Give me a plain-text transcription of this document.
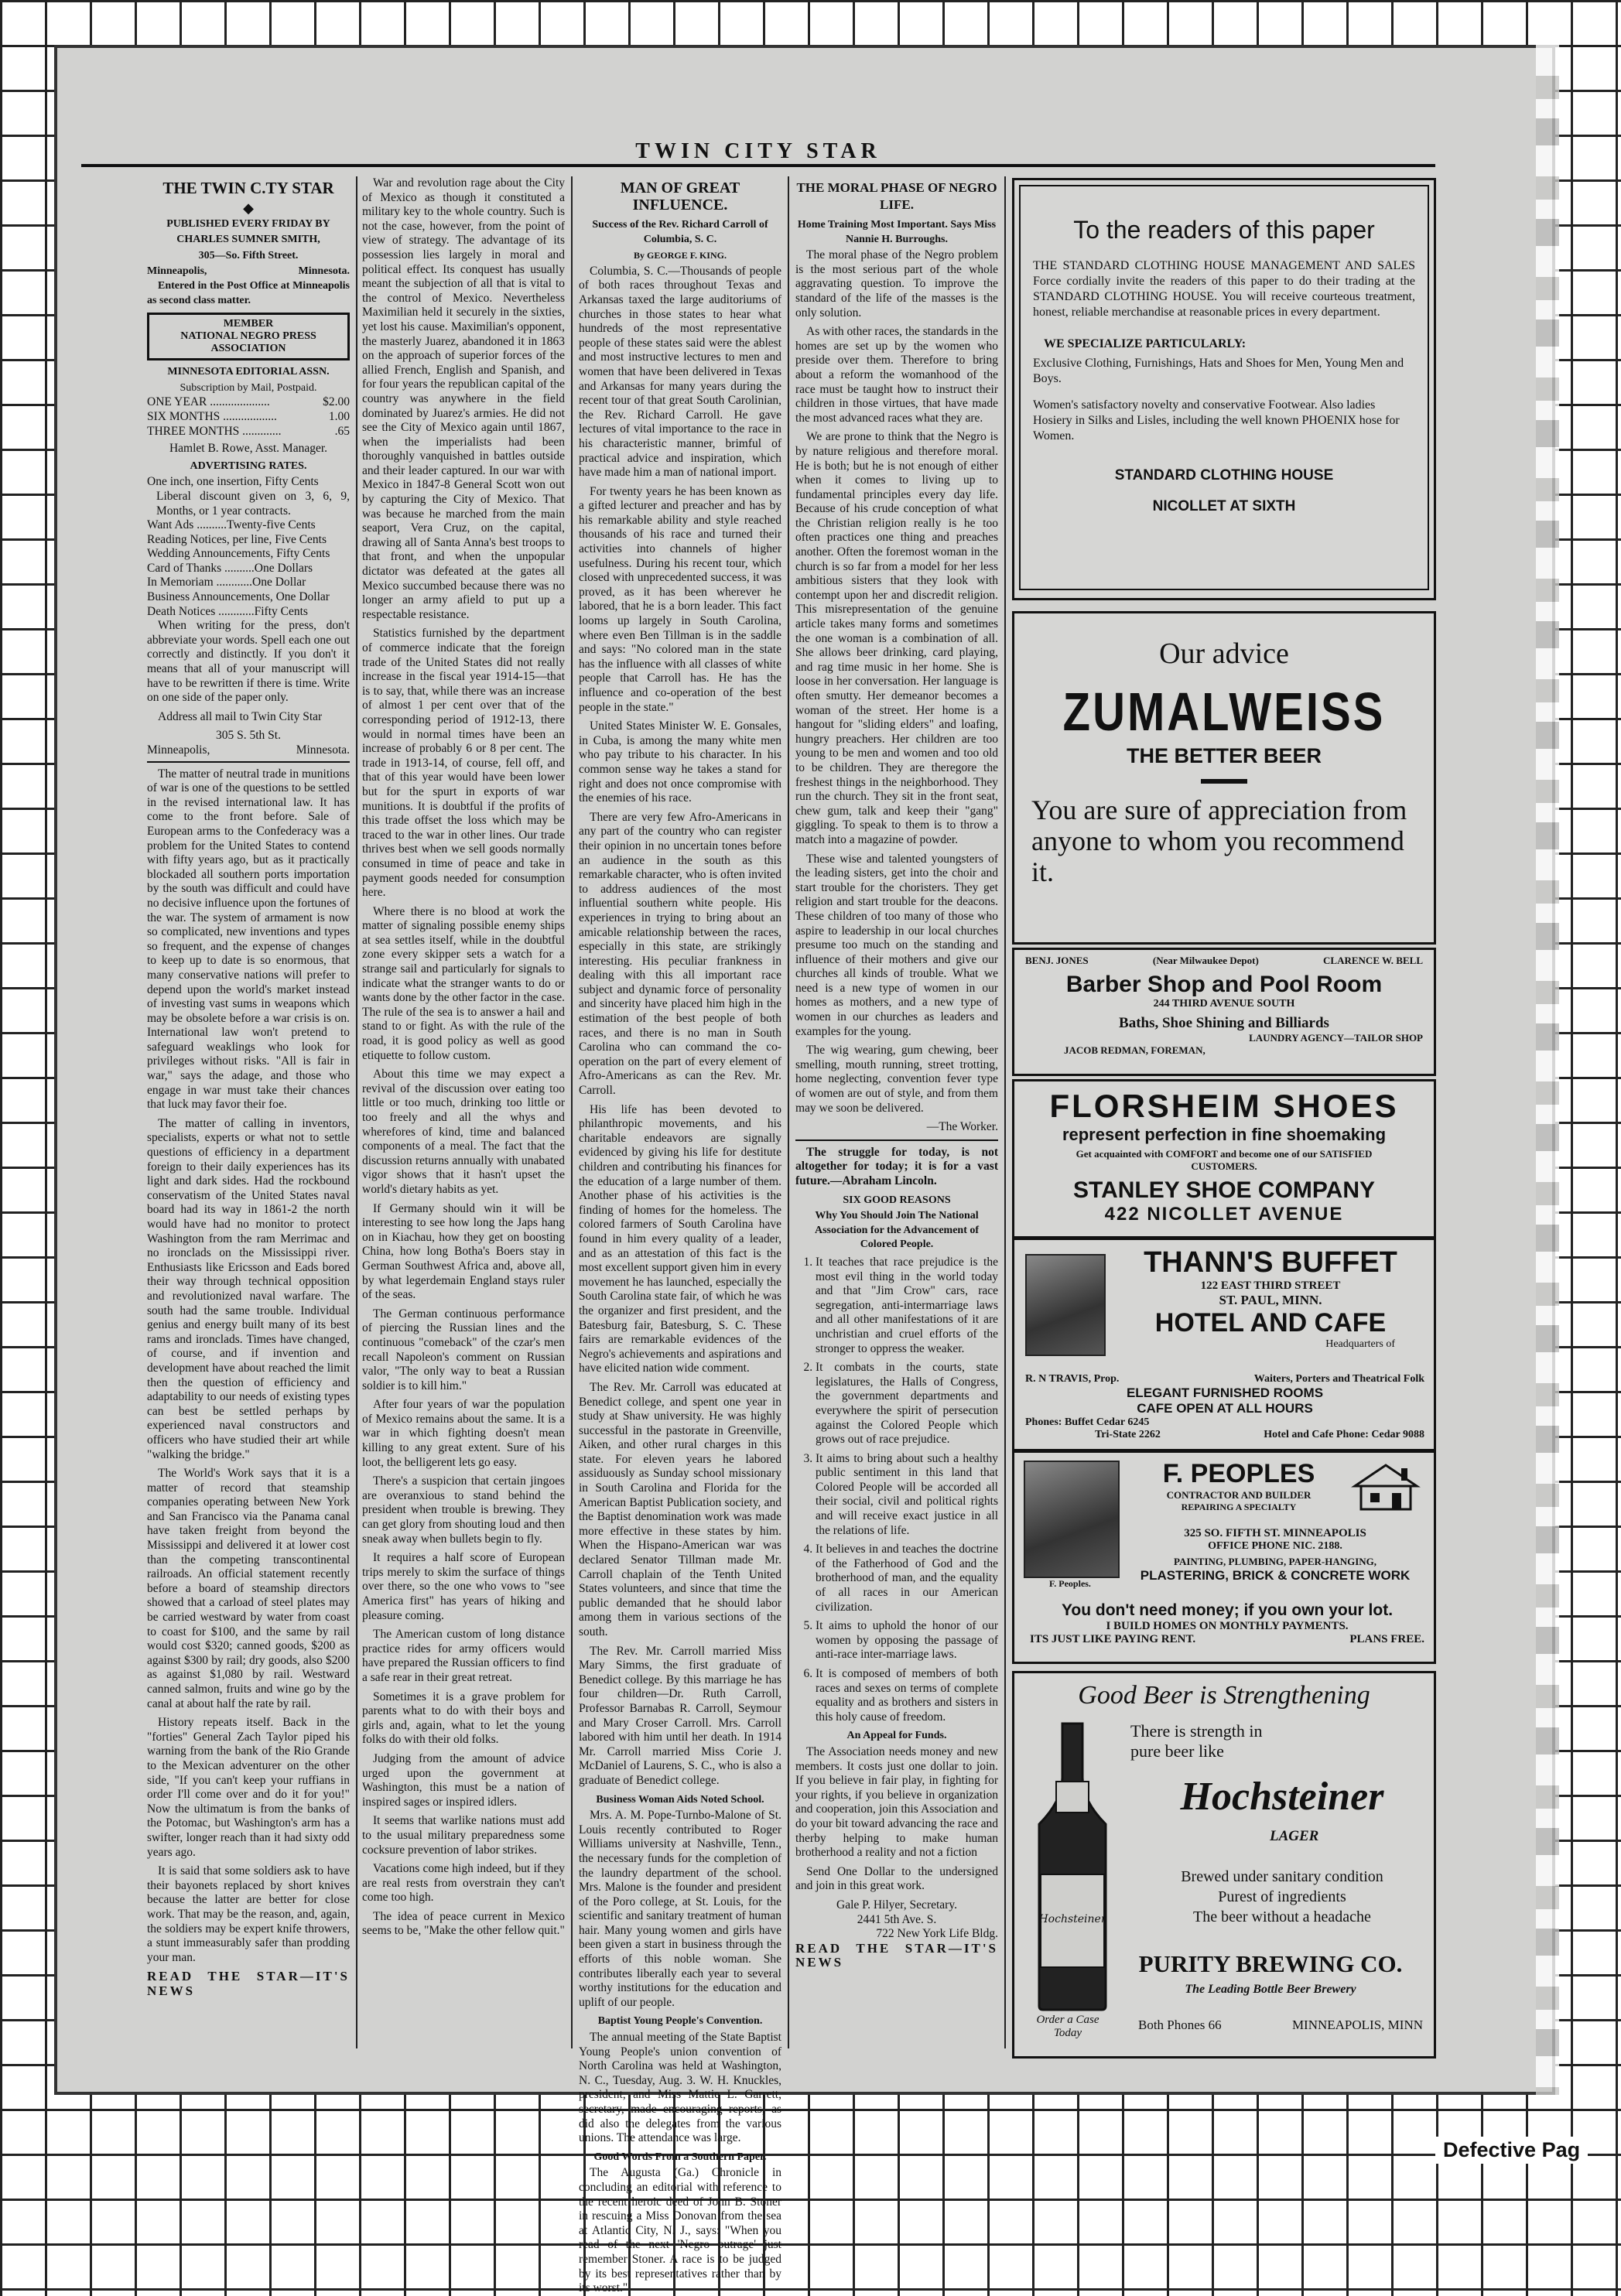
TWIN CITY STAR
THE TWIN C.TY STAR
◆
PUBLISHED EVERY FRIDAY BY
CHARLES SUMNER SMITH,
305—So. Fifth Street.
Minneapolis,	Minnesota.

Entered in the Post Office at Minneapolis as second class matter.

MEMBER
NATIONAL NEGRO PRESS
ASSOCIATION
MINNESOTA EDITORIAL ASSN.
Subscription by Mail, Postpaid.
ONE YEAR ....................	$2.00
SIX MONTHS ..................	1.00
THREE MONTHS .............	.65
Hamlet B. Rowe, Asst. Manager.
ADVERTISING RATES.
One inch, one insertion, Fifty Cents
Liberal discount given on 3, 6, 9, Months, or 1 year contracts.
Want Ads ..........Twenty-five Cents
Reading Notices, per line, Five Cents
Wedding Announcements, Fifty Cents
Card of Thanks ..........One Dollars
In Memoriam ............One Dollar
Business Announcements, One Dollar
Death Notices ............Fifty Cents

When writing for the press, don't abbreviate your words. Spell each one out correctly and distinctly. If you don't it means that all of your manuscript will have to be rewritten if there is time. Write on one side of the paper only.

Address all mail to Twin City Star

305 S. 5th St.
Minneapolis,	Minnesota.

The matter of neutral trade in munitions of war is one of the questions to be settled in the revised international law. It has come to the front before. Sale of European arms to the Confederacy was a problem for the United States to contend with fifty years ago, but as it practically blockaded all southern ports importation by the south was difficult and could have no decisive influence upon the fortunes of the war. The system of armament is now so complicated, new inventions and types so frequent, and the expense of changes to keep up to date is so enormous, that many conservative nations will prefer to depend upon the world's market instead of investing vast sums in weapons which may be obsolete before a war crisis is on. International law won't pretend to safeguard weaklings who look for privileges without risks. "All is fair in war," says the adage, and those who engage in war must take their chances that luck may favor their foe.

The matter of calling in inventors, specialists, experts or what not to settle questions of efficiency in a department foreign to their daily experiences has its light and dark sides. Had the rockbound conservatism of the United States naval board had its way in 1861-2 the north would have had no monitor to protect Washington from the ram Merrimac and no ironclads on the Mississippi river. Enthusiasts like Ericsson and Eads bored their way through technical opposition and revolutionized naval warfare. The south had the same trouble. Individual genius and energy built many of its best rams and ironclads. Times have changed, of course, and if invention and development have about reached the limit then the question of efficiency and adaptability to our needs of existing types can best be settled perhaps by experienced naval constructors and officers who have studied their art while "walking the bridge."

The World's Work says that it is a matter of record that steamship companies operating between New York and San Francisco via the Panama canal have taken freight from beyond the Mississippi and delivered it at lower cost than the competing transcontinental railroads. An official statement recently before a board of steamship directors showed that a carload of steel plates may be carried westward by water from coast to coast for $100, and the same by rail would cost $320; canned goods, $200 as against $300 by rail; dry goods, also $200 as against $1,080 by rail. Westward canned salmon, fruits and wine go by the canal at about half the rate by rail.

History repeats itself. Back in the "forties" General Zach Taylor piped his warning from the bank of the Rio Grande to the Mexican adventurer on the other side, "If you can't keep your ruffians in order I'll come over and do it for you!" Now the ultimatum is from the banks of the Potomac, but Washington's arm has a swifter, longer reach than it had sixty odd years ago.

It is said that some soldiers ask to have their bayonets replaced by short knives because the latter are better for close work. That may be the reason, and, again, the soldiers may be expert knife throwers, a stunt immeasurably safer than prodding your man.

READ THE STAR—IT'S NEWS

War and revolution rage about the City of Mexico as though it constituted a military key to the whole country. Such is not the case, however, from the point of view of strategy. The advantage of its possession lies largely in moral and political effect. Its conquest has usually meant the subjection of all that is vital to the control of Mexico. Nevertheless Maximilian held it securely in the sixties, yet lost his cause. Maximilian's opponent, the masterly Juarez, abandoned it in 1863 on the approach of superior forces of the allied French, English and Spanish, and for four years the republican capital of the country was anywhere in the field dominated by Juarez's armies. He did not see the City of Mexico again until 1867, when the imperialists had been thoroughly vanquished in battles outside and their leader captured. In our war with Mexico in 1847-8 General Scott won out by capturing the City of Mexico. That was because he marched from the main seaport, Vera Cruz, on the capital, drawing all of Santa Anna's best troops to that front, and when the unpopular dictator was defeated at the gates all Mexico succumbed because there was no longer an army afield to put up a respectable resistance.

Statistics furnished by the department of commerce indicate that the foreign trade of the United States did not really increase in the fiscal year 1914-15—that is to say, that, while there was an increase of almost 1 per cent over that of the corresponding period of 1912-13, there would in normal times have been an increase of probably 6 or 8 per cent. The trade in 1913-14, of course, fell off, and that of this year would have been lower but for the spurt in exports of war munitions. It is doubtful if the profits of this trade offset the loss which may be traced to the war in other lines. Our trade thrives best when we sell goods normally consumed in time of peace and take in payment goods needed for consumption here.

Where there is no blood at work the matter of signaling possible enemy ships at sea settles itself, while in the doubtful zone every skipper sets a watch for a strange sail and particularly for signals to indicate what the stranger wants to do or wants done by the other factor in the case. The rule of the sea is to answer a hail and stand to or fight. As with the rule of the road, it is good policy as well as good etiquette to follow custom.

About this time we may expect a revival of the discussion over eating too little or too much, drinking too little or too freely and all the whys and wherefores of kind, time and balanced components of a meal. The fact that the discussion returns annually with unabated vigor shows that it hasn't upset the world's dietary habits as yet.

If Germany should win it will be interesting to see how long the Japs hang on in Kiachau, how they get on boosting China, how long Botha's Boers stay in German Southwest Africa and, above all, by what legerdemain England stays ruler of the seas.

The German continuous performance of piercing the Russian lines and the continuous "comeback" of the czar's men recall Napoleon's comment on Russian valor, "The only way to beat a Russian soldier is to kill him."

After four years of war the population of Mexico remains about the same. It is a war in which fighting doesn't mean killing to any great extent. Sure of his loot, the belligerent lets go easy.

There's a suspicion that certain jingoes are overanxious to stand behind the president when trouble is brewing. They can get glory from shouting loud and then sneak away when bullets begin to fly.

It requires a half score of European trips merely to skim the surface of things over there, so the one who vows to "see America first" has years of hiking and pleasure coming.

The American custom of long distance practice rides for army officers would have prepared the Russian officers to find a safe rear in their great retreat.

Sometimes it is a grave problem for parents what to do with their boys and girls and, again, what to let the young folks do with their old folks.

Judging from the amount of advice urged upon the government at Washington, this must be a nation of inspired sages or inspired idlers.

It seems that warlike nations must add to the usual military preparedness some cocksure prevention of labor strikes.

Vacations come high indeed, but if they are real rests from overstrain they can't come too high.

The idea of peace current in Mexico seems to be, "Make the other fellow quit."

MAN OF GREAT INFLUENCE.
Success of the Rev. Richard Carroll of Columbia, S. C.
By GEORGE F. KING.

Columbia, S. C.—Thousands of people of both races throughout Texas and Arkansas taxed the large auditoriums of churches in those states to hear what hundreds of the most representative people of these states said were the ablest and most instructive lectures to men and women that have been delivered in Texas and Arkansas for many years during the recent tour of that great South Carolinian, the Rev. Richard Carroll. He gave lectures of vital importance to the race in his characteristic manner, brimful of practical advice and inspiration, which have made him a man of national import.

For twenty years he has been known as a gifted lecturer and preacher and has by his remarkable ability and style reached thousands of his race and turned their activities into channels of higher usefulness. During his recent tour, which closed with unprecedented success, it was proved, as it has been wherever he labored, that he is a born leader. This fact looms up largely in South Carolina, where even Ben Tillman is in the saddle and says: "No colored man in the state has the influence with all classes of white people that Carroll has. He has the influence and co-operation of the best people in the state."

United States Minister W. E. Gonsales, in Cuba, is among the many white men who pay tribute to his character. In his common sense way he takes a stand for right and does not once compromise with the enemies of his race.

There are very few Afro-Americans in any part of the country who can register their opinion in no uncertain tones before an audience in the south as this remarkable character, who is often invited to address audiences of the most influential southern white people. His experiences in trying to bring about an amicable relationship between the races, especially in this state, are strikingly interesting. His peculiar frankness in dealing with this all important race subject and dynamic force of personality and sincerity have placed him high in the estimation of the best people of both races, and there is no man in South Carolina who can command the co-operation on the part of every element of Afro-Americans as can the Rev. Mr. Carroll.

His life has been devoted to philanthropic movements, and his charitable endeavors are signally evidenced by giving his life for destitute children and contributing his finances for the education of a large number of them. Another phase of his activities is the finding of homes for the homeless. The colored farmers of South Carolina have found in him every quality of a leader, and as an attestation of this fact is the most excellent support given him in every movement he has launched, especially the South Carolina state fair, of which he was the organizer and first president, and the Batesburg fair, Batesburg, S. C. These fairs are remarkable evidences of the Negro's achievements and aspirations and have elicited nation wide comment.

The Rev. Mr. Carroll was educated at Benedict college, and spent one year in study at Shaw university. He was highly successful in the pastorate in Greenville, Aiken, and other rural charges in this state. For eleven years he labored assiduously as Sunday school missionary in South Carolina and Florida for the American Baptist Publication society, and the Baptist denomination work was made more effective in these states by him. When the Hispano-American war was declared Senator Tillman made Mr. Carroll chaplain of the Tenth United States volunteers, and since that time the public demanded that he should labor among them in various sections of the south.

The Rev. Mr. Carroll married Miss Mary Simms, the first graduate of Benedict college. By this marriage he has four children—Dr. Ruth Carroll, Professor Barnabas R. Carroll, Seymour and Mary Croser Carroll. Mrs. Carroll labored with him until her death. In 1914 Mr. Carroll married Miss Corie J. McDaniel of Laurens, S. C., who is also a graduate of Benedict college.

Business Woman Aids Noted School.

Mrs. A. M. Pope-Turnbo-Malone of St. Louis recently contributed to Roger Williams university at Nashville, Tenn., the necessary funds for the completion of the laundry department of the school. Mrs. Malone is the founder and president of the Poro college, at St. Louis, for the scientific and sanitary treatment of human hair. Many young women and girls have been given a start in business through the efforts of this noble woman. She contributes liberally each year to several worthy institutions for the education and uplift of our people.

Baptist Young People's Convention.

The annual meeting of the State Baptist Young People's union convention of North Carolina was held at Washington, N. C., Tuesday, Aug. 3. W. H. Knuckles, president, and Miss Mattie L. Garrett, secretary, made encouraging reports, as did also the delegates from the various unions. The attendance was large.

Good Words From a Southern Paper.

The Augusta (Ga.) Chronicle in concluding an editorial with reference to the recent heroic deed of John B. Stoner in rescuing a Miss Donovan from the sea at Atlantic City, N. J., says: "When you read of the next 'Negro outrage' just remember Stoner. A race is to be judged by its best representatives rather than by its worst."

THE MORAL PHASE OF NEGRO LIFE.
Home Training Most Important. Says Miss Nannie H. Burroughs.

The moral phase of the Negro problem is the most serious part of the whole aggravating question. To improve the standard of the life of the masses is the only solution.

As with other races, the standards in the homes are set up by the women who preside over them. Therefore to bring about a reform the womanhood of the race must be taught how to instruct their children in those virtues, that have made the most advanced races what they are.

We are prone to think that the Negro is by nature religious and therefore moral. He is both; but he is not enough of either when it comes to living up to fundamental principles every day life. Because of his crude conception of what the Christian religion really is he too often practices one thing and preaches another. Often the foremost woman in the church is so far from a model for her less ambitious sisters that they look with contempt upon her and discredit religion. This misrepresentation of the genuine article takes many forms and sometimes the one woman is a combination of all. She allows beer drinking, card playing, and rag time music in her home. She is loose in her conversation. Her language is often smutty. Her demeanor becomes a woman of the street. Her home is a hangout for "sliding elders" and loafing, hungry preachers. Her children are too young to be men and women and too old to be children. They are theregore the freshest things in the neighborhood. They run the church. They sit in the front seat, chew gum, talk and keep their "gang" giggling. To speak to them is to throw a match into a magazine of powder.

These wise and talented youngsters of the leading sisters, get into the choir and start trouble for the choristers. They get religion and start trouble for the deacons. These children of too many of those who aspire to leadership in our local churches presume too much on the standing and influence of their mothers and give our churches all kinds of trouble. What we need is a new type of women in our homes as mothers, and a new type of women in our churches as leaders and examples for the young.

The wig wearing, gum chewing, beer smelling, mouth running, street trotting, home neglecting, convention fever type of women are out of style, and from them may we soon be delivered.

—The Worker.

The struggle for today, is not altogether for today; it is for a vast future.—Abraham Lincoln.

SIX GOOD REASONS
Why You Should Join The National Association for the Advancement of Colored People.
1. It teaches that race prejudice is the most evil thing in the world today and that "Jim Crow" cars, race segregation, anti-intermarriage laws and all other manifestations of it are unchristian and cruel efforts of the stronger to oppress the weaker.
2. It combats in the courts, state legislatures, the Halls of Congress, the government departments and everywhere the spirit of persecution against the Colored People which grows out of race prejudice.
3. It aims to bring about such a healthy public sentiment in this land that Colored People will be accorded all their social, civil and political rights and will receive exact justice in all the relations of life.
4. It believes in and teaches the doctrine of the Fatherhood of God and the brotherhood of man, and the equality of all races in our American civilization.
5. It aims to uphold the honor of our women by opposing the passage of anti-race inter-marriage laws.
6. It is composed of members of both races and sexes on terms of complete equality and as brothers and sisters in this holy cause of freedom.
An Appeal for Funds.

The Association needs money and new members. It costs just one dollar to join. If you believe in fair play, in fighting for your rights, if you believe in organization and cooperation, join this Association and do your bit toward advancing the race and therby helping to make human brotherhood a reality and not a fiction

Send One Dollar to the undersigned and join in this great work.

Gale P. Hilyer, Secretary.
2441 5th Ave. S.
722 New York Life Bldg.

READ THE STAR—IT'S NEWS

To the readers of this paper
THE STANDARD CLOTHING HOUSE MANAGEMENT AND SALES Force cordially invite the readers of this paper to do their trading at the STANDARD CLOTHING HOUSE. You will receive courteous treatment, honest, reliable merchandise at reasonable prices in every department.
WE SPECIALIZE PARTICULARLY:
Exclusive Clothing, Furnishings, Hats and Shoes for Men, Young Men and Boys.
Women's satisfactory novelty and conservative Footwear. Also ladies Hosiery in Silks and Lisles, including the well known PHOENIX hose for Women.
STANDARD CLOTHING HOUSE
NICOLLET AT SIXTH
Our advice
ZUMALWEISS
THE BETTER BEER
You are sure of appreciation from anyone to whom you recommend it.
BENJ. JONES	(Near Milwaukee Depot)	CLARENCE W. BELL
Barber Shop and Pool Room
244 THIRD AVENUE SOUTH
Baths, Shoe Shining and Billiards
LAUNDRY AGENCY—TAILOR SHOP
JACOB REDMAN, FOREMAN,
FLORSHEIM SHOES
represent perfection in fine shoemaking
Get acquainted with COMFORT and become one of our SATISFIED CUSTOMERS.
STANLEY SHOE COMPANY
422 NICOLLET AVENUE
THANN'S BUFFET
122 EAST THIRD STREET
ST. PAUL, MINN.
HOTEL AND CAFE
Headquarters of
R. N TRAVIS, Prop.	Waiters, Porters and Theatrical Folk
ELEGANT FURNISHED ROOMS
CAFE OPEN AT ALL HOURS
Phones: Buffet Cedar 6245
Tri-State 2262	Hotel and Cafe Phone: Cedar 9088
F. Peoples.
F. PEOPLES
CONTRACTOR AND BUILDER
REPAIRING A SPECIALTY
325 SO. FIFTH ST. MINNEAPOLIS
OFFICE PHONE NIC. 2188.
PAINTING, PLUMBING, PAPER-HANGING,
PLASTERING, BRICK & CONCRETE WORK
You don't need money; if you own your lot.
I BUILD HOMES ON MONTHLY PAYMENTS.
ITS JUST LIKE PAYING RENT.	PLANS FREE.
Good Beer is Strengthening
There is strength in
pure beer like
Hochsteiner
Hochsteiner
LAGER
Brewed under sanitary condition
Purest of ingredients
The beer without a headache
PURITY BREWING CO.
The Leading Bottle Beer Brewery
Order a Case Today
Both Phones 66	MINNEAPOLIS, MINN
Defective Pag
